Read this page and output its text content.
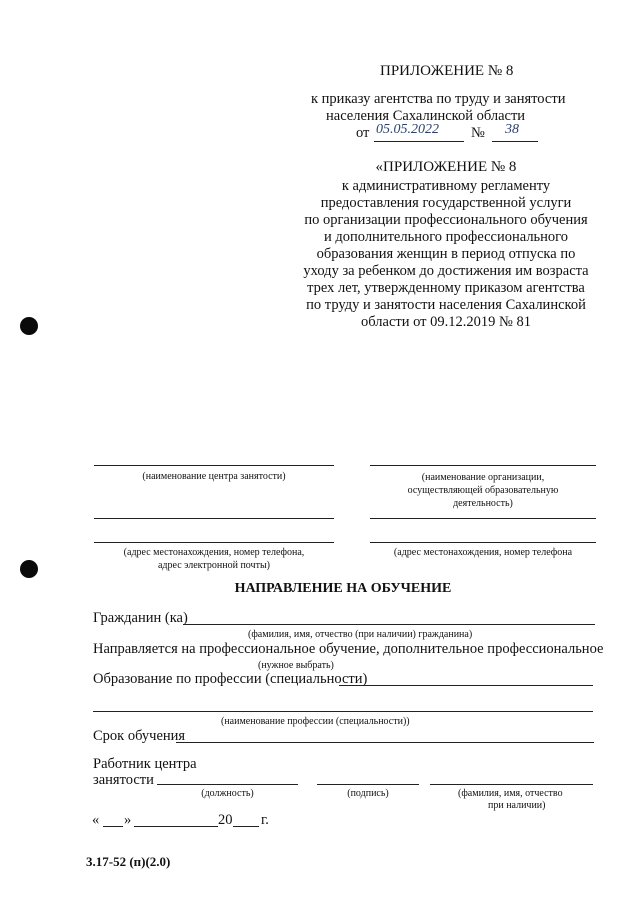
ПРИЛОЖЕНИЕ № 8
к приказу агентства по труду и занятости
населения Сахалинской области
от 05.05.2022 № 38
«ПРИЛОЖЕНИЕ № 8
к административному регламенту
предоставления государственной услуги
по организации профессионального обучения
и дополнительного профессионального
образования женщин в период отпуска по
уходу за ребенком до достижения им возраста
трех лет, утвержденному приказом агентства
по труду и занятости населения Сахалинской
области от 09.12.2019 № 81
(наименование центра занятости)	(наименование организации,
осуществляющей образовательную
деятельность)
(адрес местонахождения, номер телефона,
адрес электронной почты)
(адрес местонахождения, номер телефона
НАПРАВЛЕНИЕ НА ОБУЧЕНИЕ
Гражданин (ка)
(фамилия, имя, отчество (при наличии) гражданина)
Направляется на профессиональное обучение, дополнительное профессиональное
(нужное выбрать)
Образование по профессии (специальности)
(наименование профессии (специальности))
Срок обучения
Работник центра
занятости
(должность)	(подпись)	(фамилия, имя, отчество
при наличии)
« »	20 г.
3.17-52 (п)(2.0)
